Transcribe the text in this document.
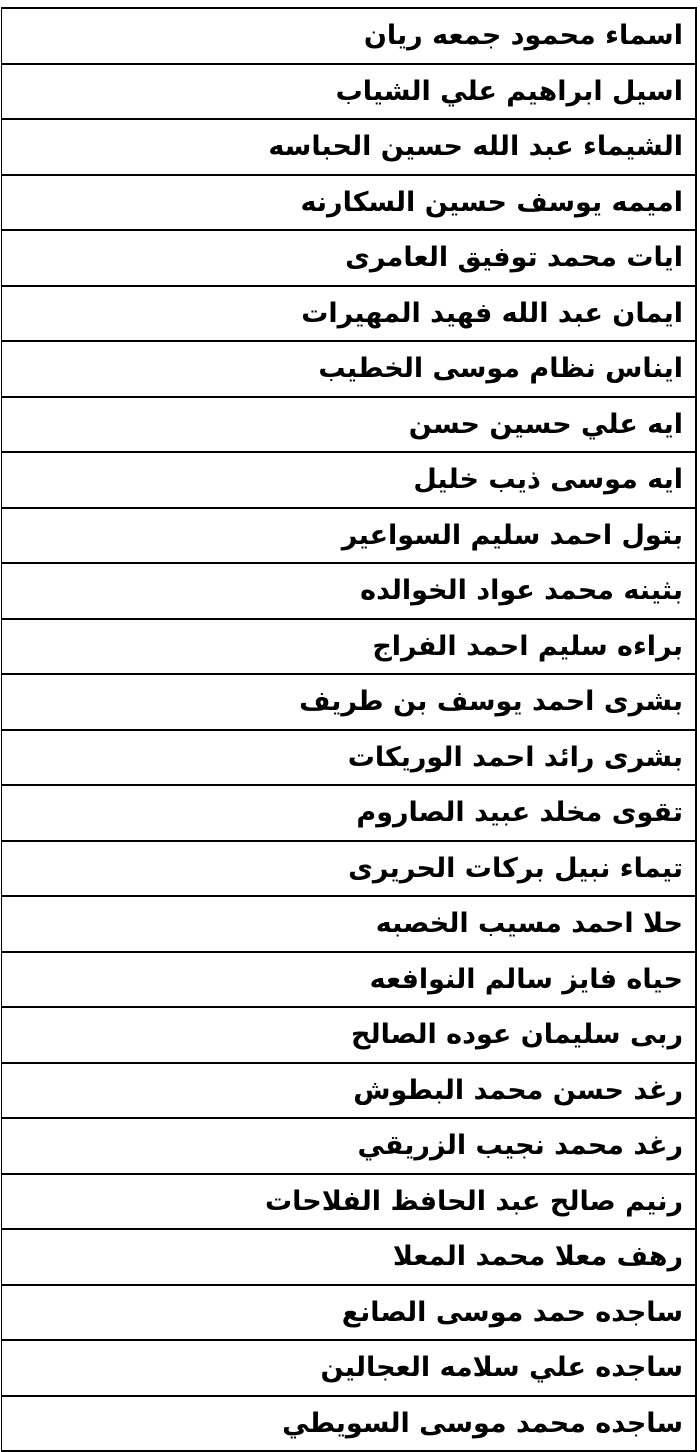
اسماء محمود جمعه ريان
اسيل ابراهيم علي الشياب
الشيماء عبد الله حسين الحباسه
اميمه يوسف حسين السكارنه
ايات محمد توفيق العامرى
ايمان عبد الله فهيد المهيرات
ايناس نظام موسى الخطيب
ايه علي حسين حسن
ايه موسى ذيب خليل
بتول احمد سليم السواعير
بثينه محمد عواد الخوالده
براءه سليم احمد الفراج
بشرى احمد يوسف بن طريف
بشرى رائد احمد الوريكات
تقوى مخلد عبيد الصاروم
تيماء نبيل بركات الحريرى
حلا احمد مسيب الخصبه
حياه فايز سالم النوافعه
ربى سليمان عوده الصالح
رغد حسن محمد البطوش
رغد محمد نجيب الزريقي
رنيم صالح عبد الحافظ الفلاحات
رهف معلا محمد المعلا
ساجده حمد موسى الصانع
ساجده علي سلامه العجالين
ساجده محمد موسى السويطي
